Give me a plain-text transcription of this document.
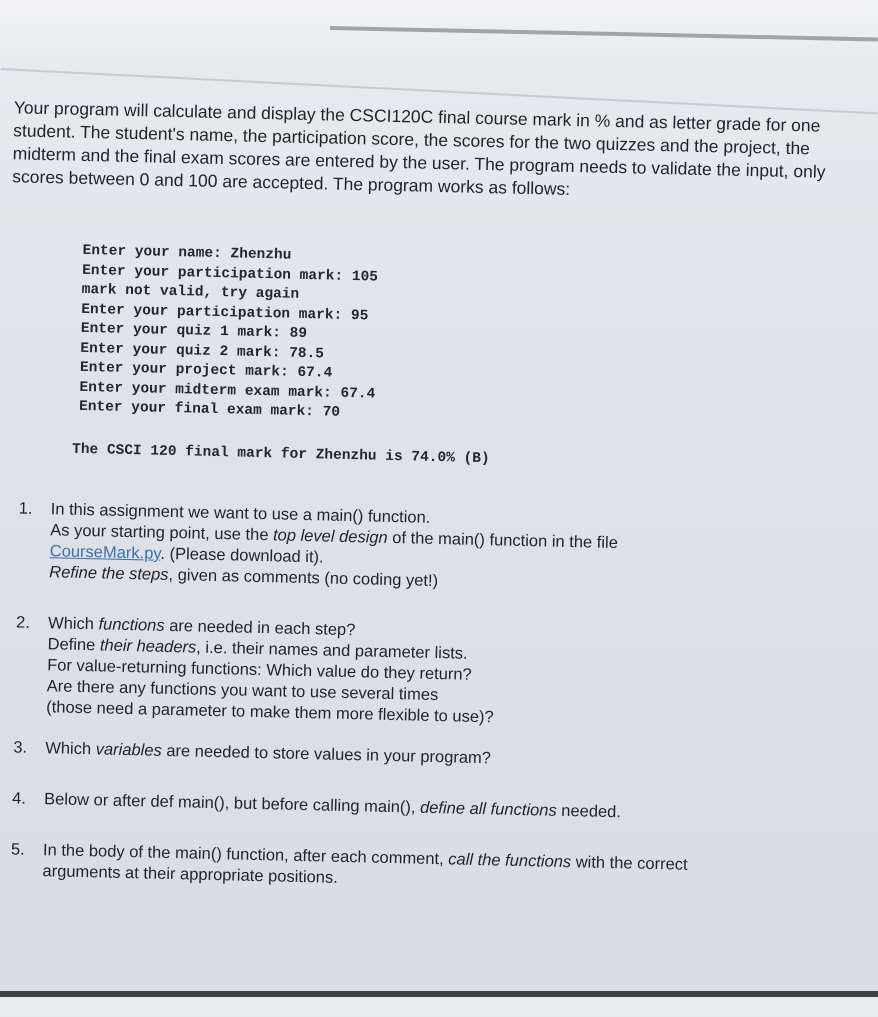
Your program will calculate and display the CSCI120C final course mark in % and as letter grade for one student. The student's name, the participation score, the scores for the two quizzes and the project, the midterm and the final exam scores are entered by the user. The program needs to validate the input, only scores between 0 and 100 are accepted. The program works as follows:

Enter your name: Zhenzhu
Enter your participation mark: 105
mark not valid, try again
Enter your participation mark: 95
Enter your quiz 1 mark: 89
Enter your quiz 2 mark: 78.5
Enter your project mark: 67.4
Enter your midterm exam mark: 67.4
Enter your final exam mark: 70
The CSCI 120 final mark for Zhenzhu is 74.0% (B)
1. In this assignment we want to use a main() function.
As your starting point, use the top level design of the main() function in the file
CourseMark.py. (Please download it).
Refine the steps, given as comments (no coding yet!)
2. Which functions are needed in each step?
Define their headers, i.e. their names and parameter lists.
For value-returning functions: Which value do they return?
Are there any functions you want to use several times
(those need a parameter to make them more flexible to use)?
3. Which variables are needed to store values in your program?
4. Below or after def main(), but before calling main(), define all functions needed.
5. In the body of the main() function, after each comment, call the functions with the correct
arguments at their appropriate positions.
